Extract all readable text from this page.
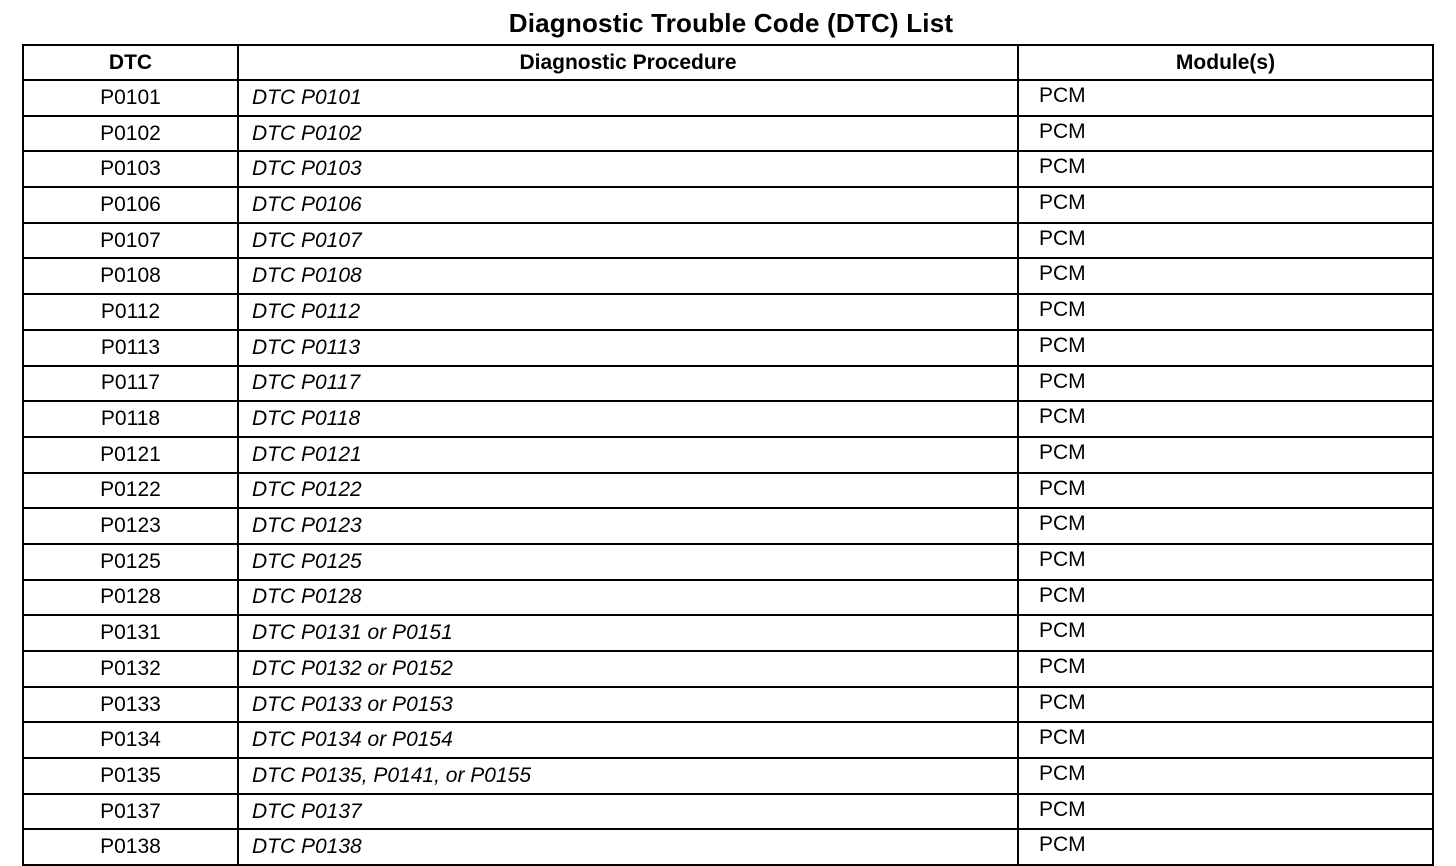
Diagnostic Trouble Code (DTC) List
DTC	Diagnostic Procedure	Module(s)
P0101	DTC P0101	PCM
P0102	DTC P0102	PCM
P0103	DTC P0103	PCM
P0106	DTC P0106	PCM
P0107	DTC P0107	PCM
P0108	DTC P0108	PCM
P0112	DTC P0112	PCM
P0113	DTC P0113	PCM
P0117	DTC P0117	PCM
P0118	DTC P0118	PCM
P0121	DTC P0121	PCM
P0122	DTC P0122	PCM
P0123	DTC P0123	PCM
P0125	DTC P0125	PCM
P0128	DTC P0128	PCM
P0131	DTC P0131 or P0151	PCM
P0132	DTC P0132 or P0152	PCM
P0133	DTC P0133 or P0153	PCM
P0134	DTC P0134 or P0154	PCM
P0135	DTC P0135, P0141, or P0155	PCM
P0137	DTC P0137	PCM
P0138	DTC P0138	PCM
